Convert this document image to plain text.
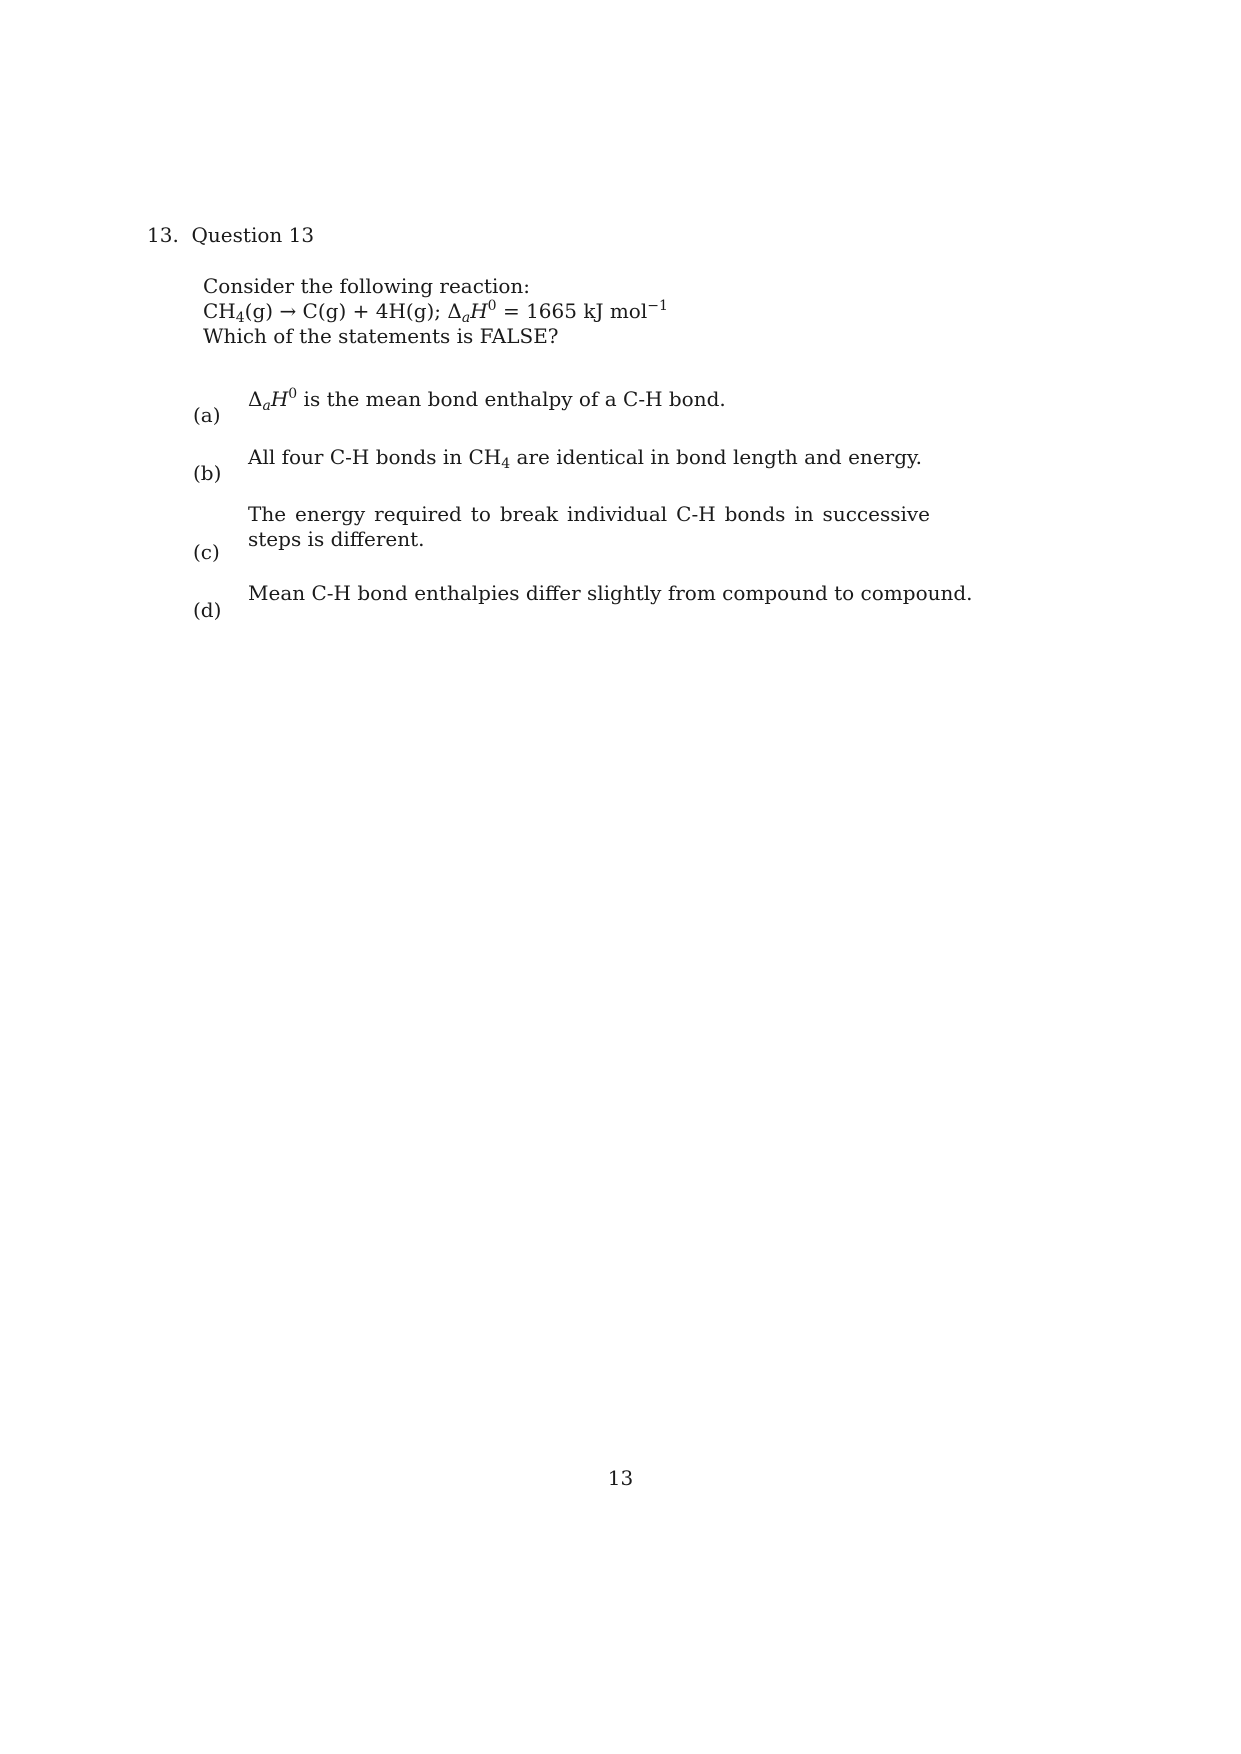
13. Question 13
Consider the following reaction:
$CH_4(g) \to C(g) + 4H(g)$; $\Delta_aH^0 = 1665$ kJ mol$^{-1}$
Which of the statements is FALSE?
(a)
$\Delta_aH^0$ is the mean bond enthalpy of a C-H bond.
(b)
All four C-H bonds in $CH_4$ are identical in bond length and energy.
(c)
The energy required to break individual C-H bonds in successive steps is different.
(d)
Mean C-H bond enthalpies differ slightly from compound to compound.
13
